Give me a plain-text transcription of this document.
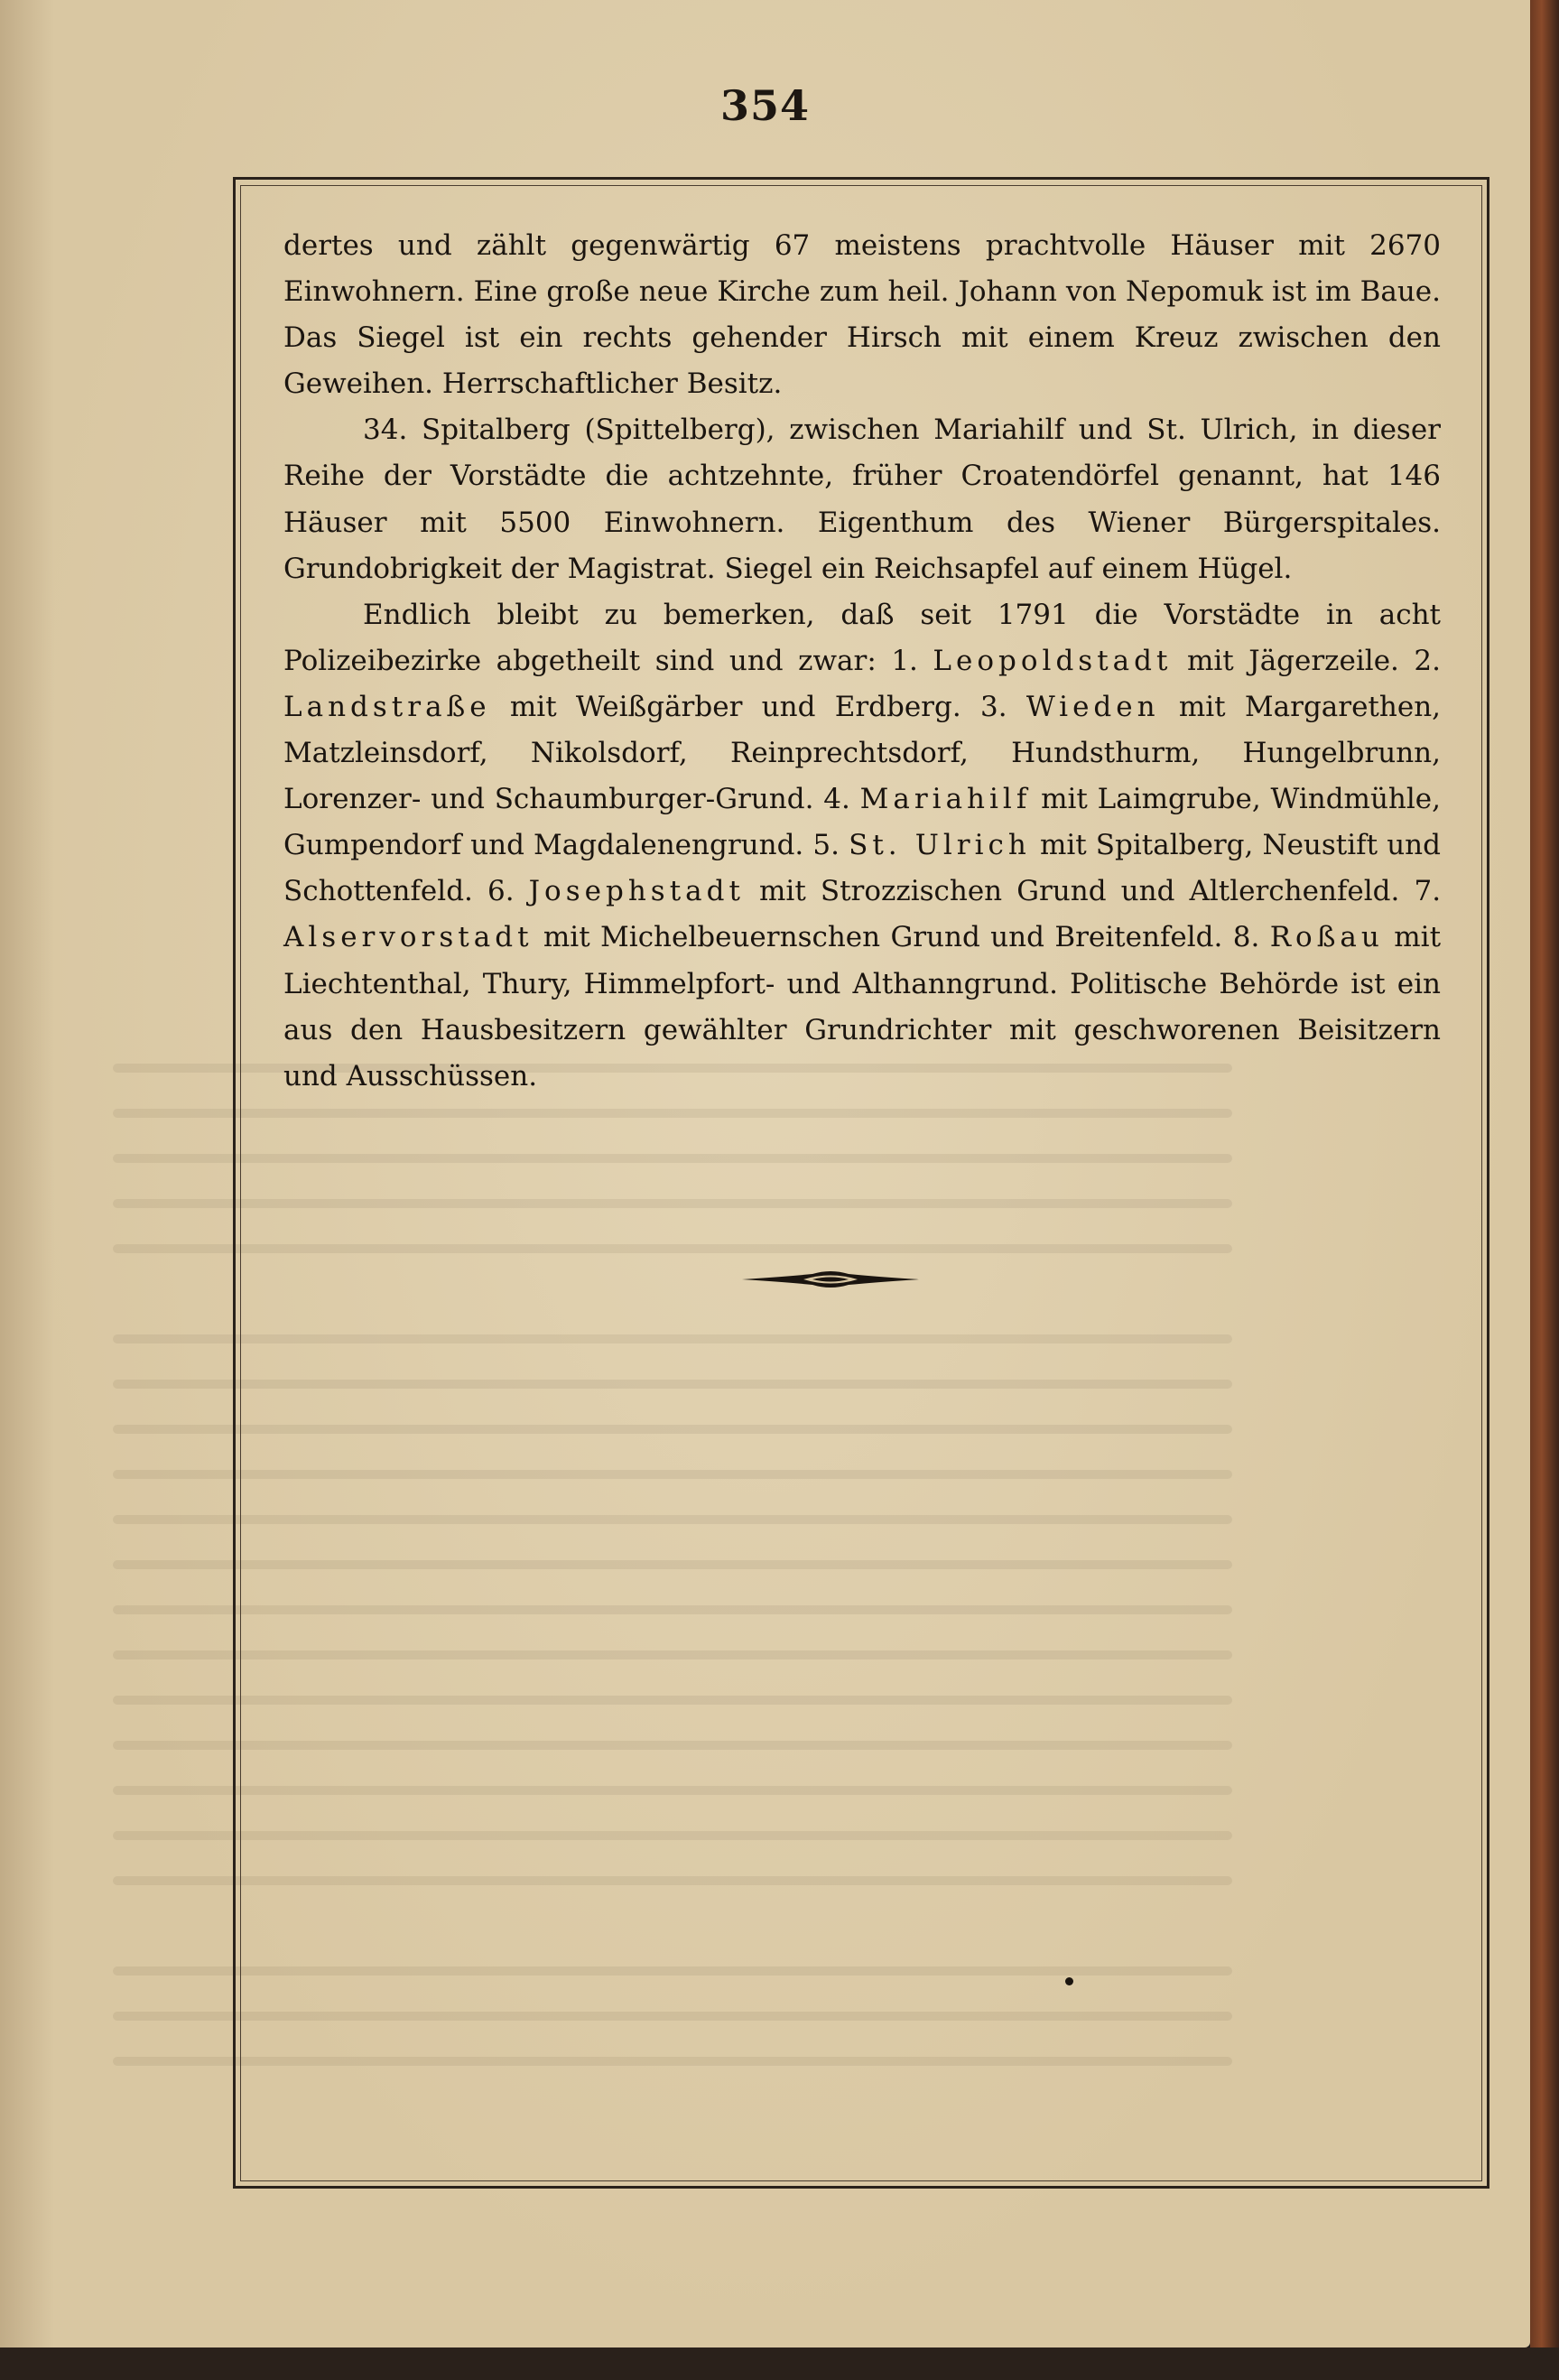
354

dertes und zählt gegenwärtig 67 meistens prachtvolle Häuser mit 2670 Einwohnern. Eine große neue Kirche zum heil. Johann von Nepomuk ist im Baue. Das Siegel ist ein rechts gehender Hirsch mit einem Kreuz zwischen den Geweihen. Herrschaftlicher Besitz.

34. Spitalberg (Spittelberg), zwischen Mariahilf und St. Ulrich, in dieser Reihe der Vorstädte die achtzehnte, früher Croatendörfel genannt, hat 146 Häuser mit 5500 Einwohnern. Eigenthum des Wiener Bürgerspitales. Grundobrigkeit der Magistrat. Siegel ein Reichsapfel auf einem Hügel.

Endlich bleibt zu bemerken, daß seit 1791 die Vorstädte in acht Polizeibezirke abgetheilt sind und zwar: 1. Leopoldstadt mit Jägerzeile. 2. Landstraße mit Weißgärber und Erdberg. 3. Wieden mit Margarethen, Matzleinsdorf, Nikolsdorf, Reinprechtsdorf, Hundsthurm, Hungelbrunn, Lorenzer- und Schaumburger-Grund. 4. Mariahilf mit Laimgrube, Windmühle, Gumpendorf und Magdalenengrund. 5. St. Ulrich mit Spitalberg, Neustift und Schottenfeld. 6. Josephstadt mit Strozzischen Grund und Altlerchenfeld. 7. Alservorstadt mit Michelbeuernschen Grund und Breitenfeld. 8. Roßau mit Liechtenthal, Thury, Himmelpfort- und Althanngrund. Politische Behörde ist ein aus den Hausbesitzern gewählter Grundrichter mit geschworenen Beisitzern und Ausschüssen.
